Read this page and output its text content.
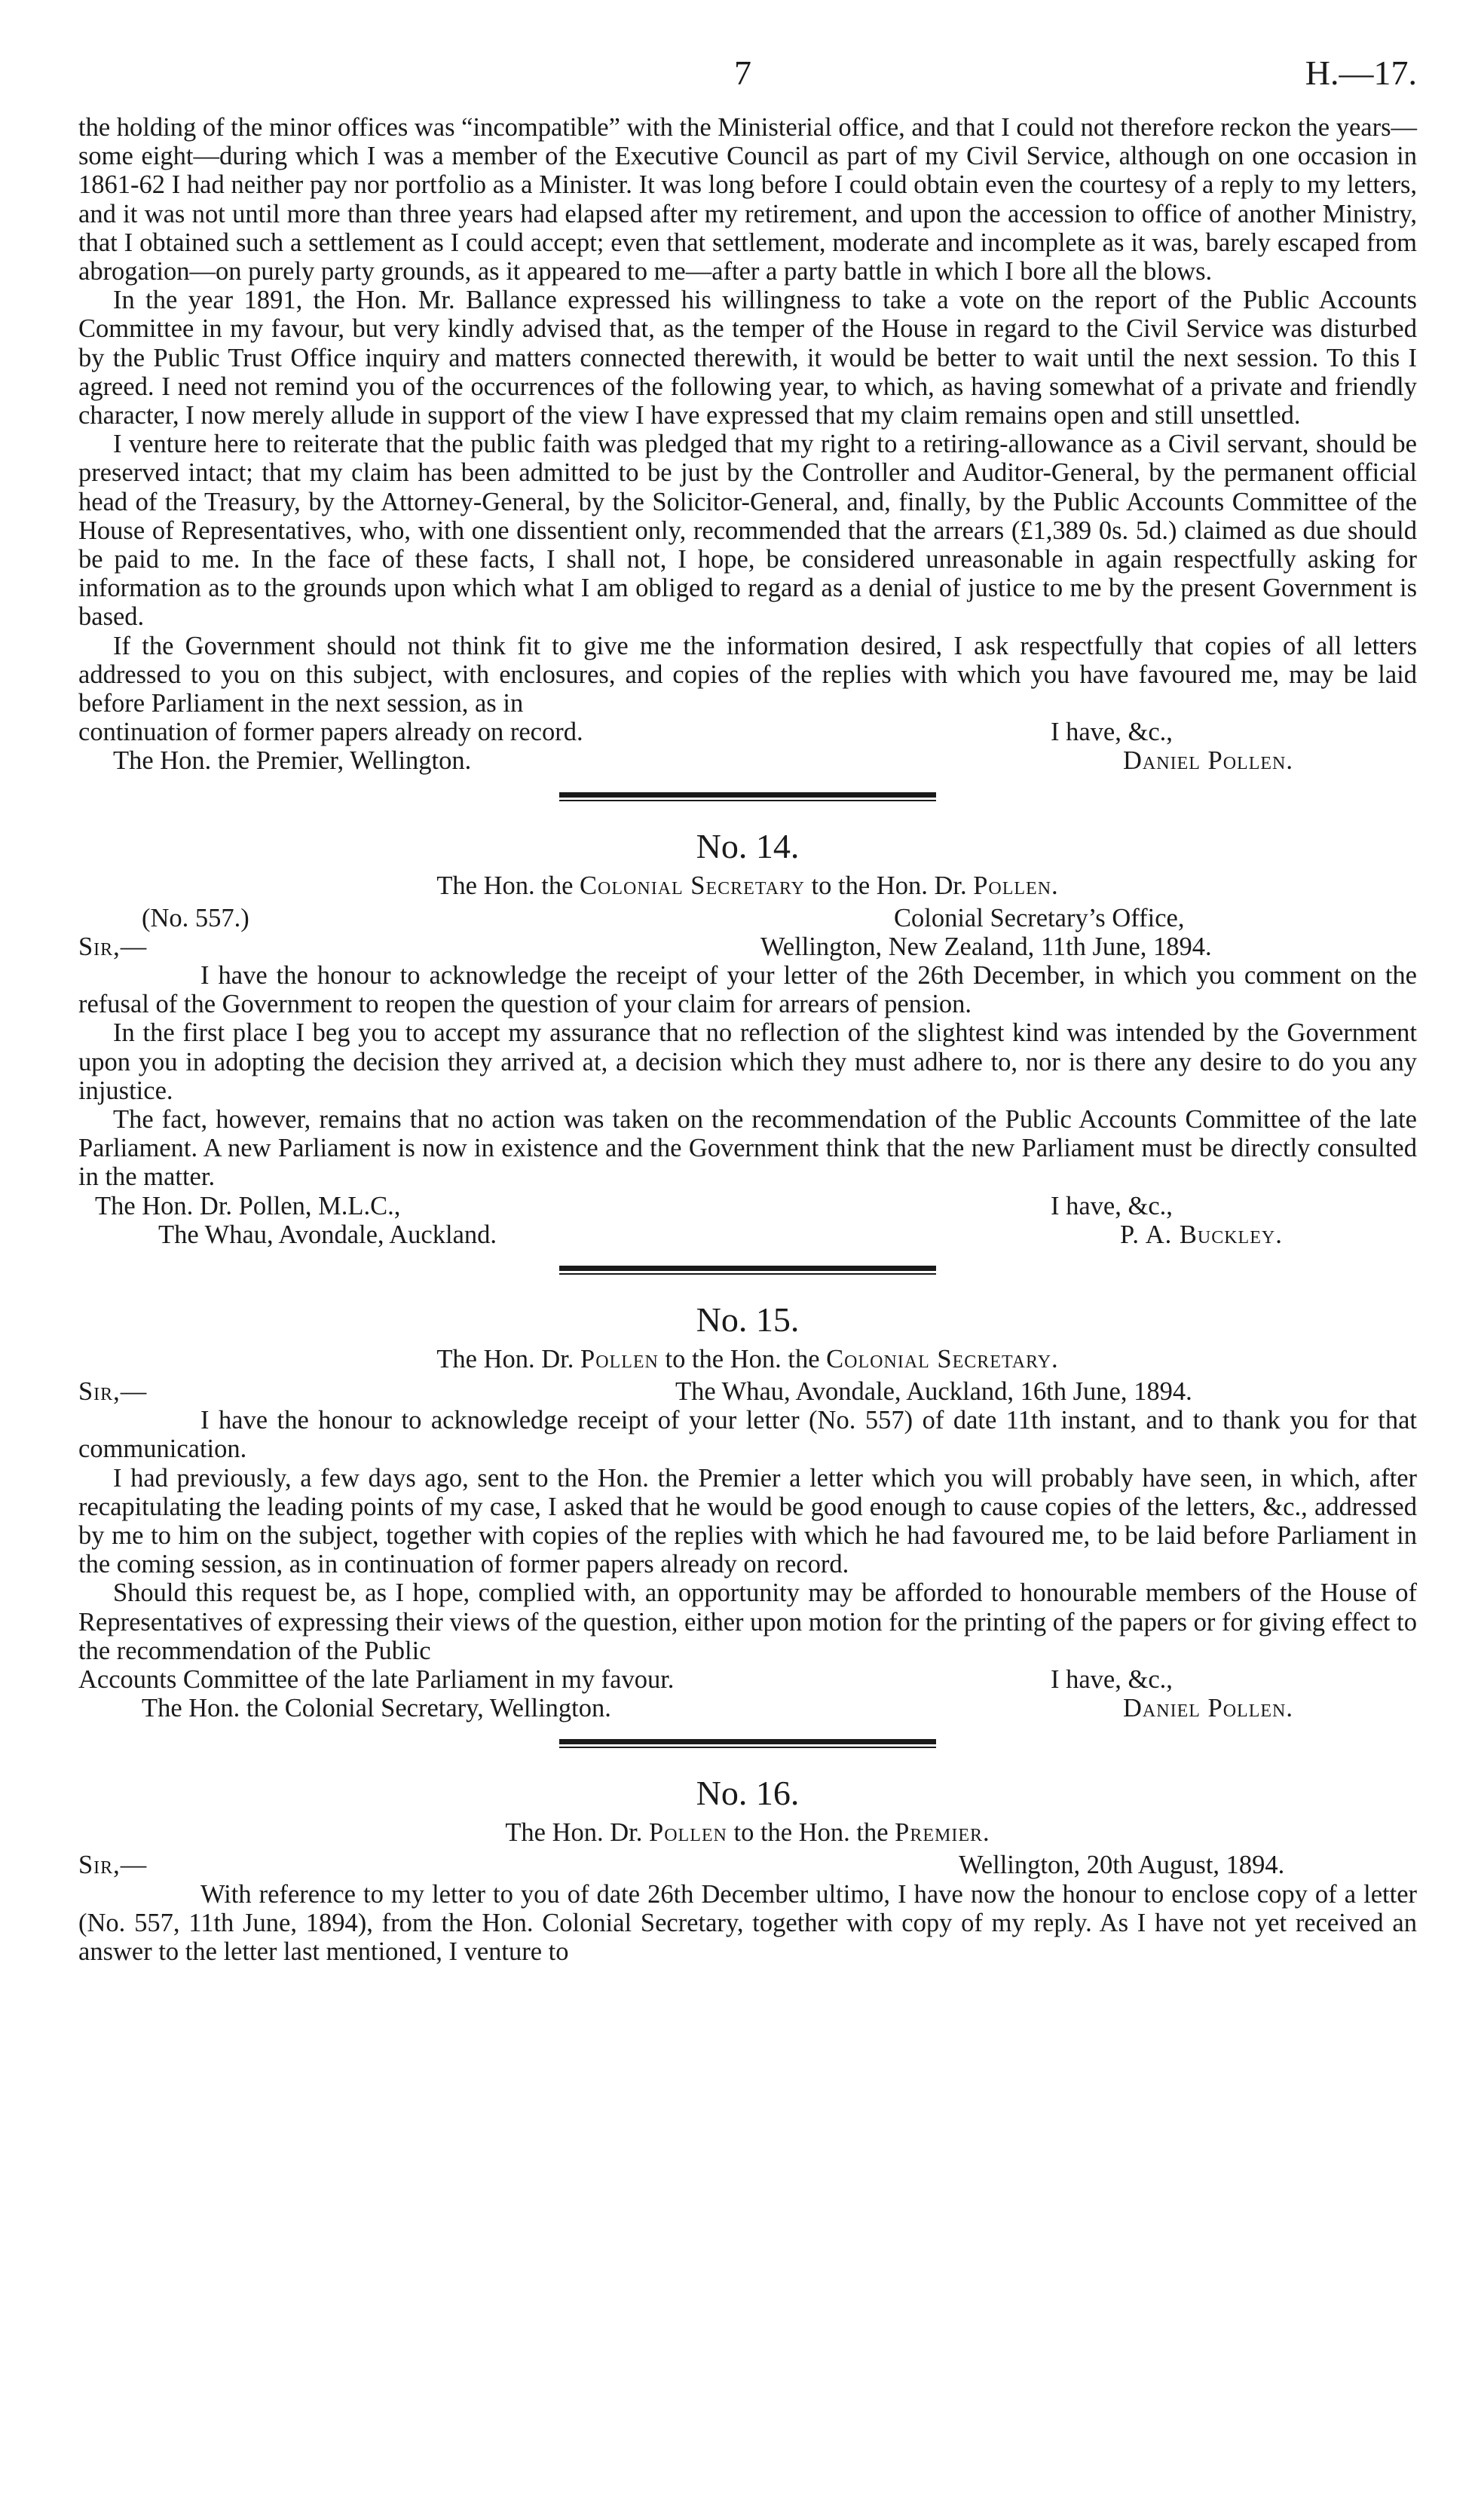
7	H.—17.

the holding of the minor offices was “incompatible” with the Ministerial office, and that I could not therefore reckon the years—some eight—during which I was a member of the Executive Council as part of my Civil Service, although on one occasion in 1861-62 I had neither pay nor portfolio as a Minister. It was long before I could obtain even the courtesy of a reply to my letters, and it was not until more than three years had elapsed after my retirement, and upon the accession to office of another Ministry, that I obtained such a settlement as I could accept; even that settlement, moderate and incomplete as it was, barely escaped from abrogation—on purely party grounds, as it appeared to me—after a party battle in which I bore all the blows.

In the year 1891, the Hon. Mr. Ballance expressed his willingness to take a vote on the report of the Public Accounts Committee in my favour, but very kindly advised that, as the temper of the House in regard to the Civil Service was disturbed by the Public Trust Office inquiry and matters connected therewith, it would be better to wait until the next session. To this I agreed. I need not remind you of the occurrences of the following year, to which, as having somewhat of a private and friendly character, I now merely allude in support of the view I have expressed that my claim remains open and still unsettled.

I venture here to reiterate that the public faith was pledged that my right to a retiring-allowance as a Civil servant, should be preserved intact; that my claim has been admitted to be just by the Controller and Auditor-General, by the permanent official head of the Treasury, by the Attorney-General, by the Solicitor-General, and, finally, by the Public Accounts Committee of the House of Representatives, who, with one dissentient only, recommended that the arrears (£1,389 0s. 5d.) claimed as due should be paid to me. In the face of these facts, I shall not, I hope, be considered unreasonable in again respectfully asking for information as to the grounds upon which what I am obliged to regard as a denial of justice to me by the present Government is based.

If the Government should not think fit to give me the information desired, I ask respectfully that copies of all letters addressed to you on this subject, with enclosures, and copies of the replies with which you have favoured me, may be laid before Parliament in the next session, as in

continuation of former papers already on record.	I have, &c.,
The Hon. the Premier, Wellington.	Daniel Pollen.
No. 14.
The Hon. the Colonial Secretary to the Hon. Dr. Pollen.
(No. 557.)	Colonial Secretary’s Office,
Sir,—	Wellington, New Zealand, 11th June, 1894.

I have the honour to acknowledge the receipt of your letter of the 26th December, in which you comment on the refusal of the Government to reopen the question of your claim for arrears of pension.

In the first place I beg you to accept my assurance that no reflection of the slightest kind was intended by the Government upon you in adopting the decision they arrived at, a decision which they must adhere to, nor is there any desire to do you any injustice.

The fact, however, remains that no action was taken on the recommendation of the Public Accounts Committee of the late Parliament. A new Parliament is now in existence and the Government think that the new Parliament must be directly consulted in the matter.

The Hon. Dr. Pollen, M.L.C.,	I have, &c.,
The Whau, Avondale, Auckland.	P. A. Buckley.
No. 15.
The Hon. Dr. Pollen to the Hon. the Colonial Secretary.
Sir,—	The Whau, Avondale, Auckland, 16th June, 1894.

I have the honour to acknowledge receipt of your letter (No. 557) of date 11th instant, and to thank you for that communication.

I had previously, a few days ago, sent to the Hon. the Premier a letter which you will probably have seen, in which, after recapitulating the leading points of my case, I asked that he would be good enough to cause copies of the letters, &c., addressed by me to him on the subject, together with copies of the replies with which he had favoured me, to be laid before Parliament in the coming session, as in continuation of former papers already on record.

Should this request be, as I hope, complied with, an opportunity may be afforded to honourable members of the House of Representatives of expressing their views of the question, either upon motion for the printing of the papers or for giving effect to the recommendation of the Public

Accounts Committee of the late Parliament in my favour.	I have, &c.,
The Hon. the Colonial Secretary, Wellington.	Daniel Pollen.
No. 16.
The Hon. Dr. Pollen to the Hon. the Premier.
Sir,—	Wellington, 20th August, 1894.

With reference to my letter to you of date 26th December ultimo, I have now the honour to enclose copy of a letter (No. 557, 11th June, 1894), from the Hon. Colonial Secretary, together with copy of my reply. As I have not yet received an answer to the letter last mentioned, I venture to
